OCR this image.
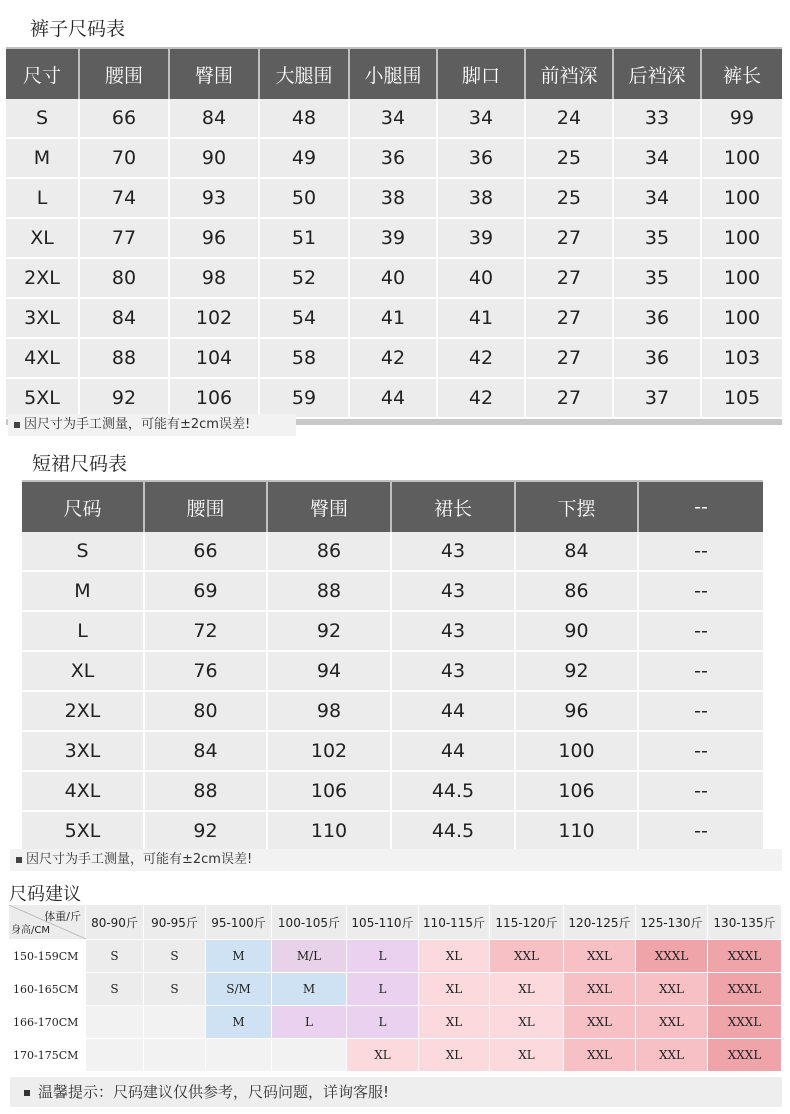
裤子尺码表
尺寸	腰围	臀围	大腿围	小腿围	脚口	前裆深	后裆深	裤长
S	66	84	48	34	34	24	33	99
M	70	90	49	36	36	25	34	100
L	74	93	50	38	38	25	34	100
XL	77	96	51	39	39	27	35	100
2XL	80	98	52	40	40	27	35	100
3XL	84	102	54	41	41	27	36	100
4XL	88	104	58	42	42	27	36	103
5XL	92	106	59	44	42	27	37	105
因尺寸为手工测量，可能有±2cm误差!
短裙尺码表
尺码	腰围	臀围	裙长	下摆	--
S	66	86	43	84	--
M	69	88	43	86	--
L	72	92	43	90	--
XL	76	94	43	92	--
2XL	80	98	44	96	--
3XL	84	102	44	100	--
4XL	88	106	44.5	106	--
5XL	92	110	44.5	110	--
因尺寸为手工测量，可能有±2cm误差!
尺码建议
体重/斤
身高/CM	80-90斤	90-95斤	95-100斤	100-105斤	105-110斤	110-115斤	115-120斤	120-125斤	125-130斤	130-135斤
150-159CM	S	S	M	M/L	L	XL	XXL	XXL	XXXL	XXXL
160-165CM	S	S	S/M	M	L	XL	XL	XXL	XXL	XXXL
166-170CM			M	L	L	XL	XL	XXL	XXL	XXXL
170-175CM					XL	XL	XL	XXL	XXL	XXXL
温馨提示：尺码建议仅供参考，尺码问题，详询客服!
